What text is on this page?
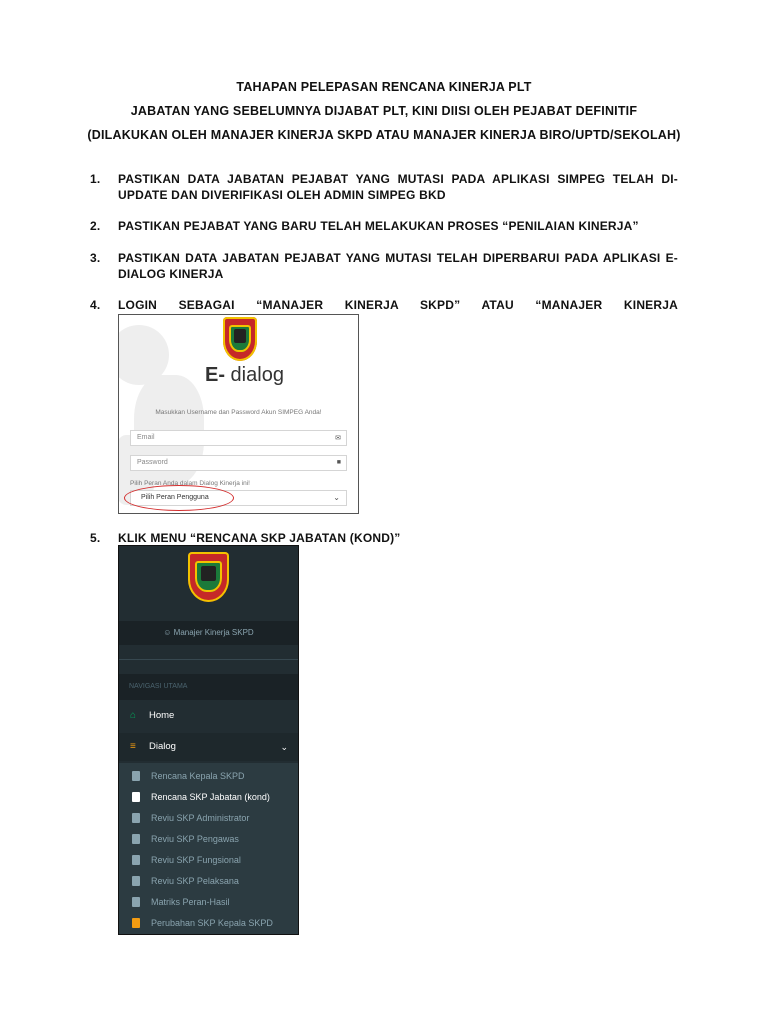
TAHAPAN PELEPASAN RENCANA KINERJA PLT
JABATAN YANG SEBELUMNYA DIJABAT PLT, KINI DIISI OLEH PEJABAT DEFINITIF
(DILAKUKAN OLEH MANAJER KINERJA SKPD ATAU MANAJER KINERJA BIRO/UPTD/SEKOLAH)
1.	PASTIKAN DATA JABATAN PEJABAT YANG MUTASI PADA APLIKASI SIMPEG TELAH DI-UPDATE DAN DIVERIFIKASI OLEH ADMIN SIMPEG BKD
2.	PASTIKAN PEJABAT YANG BARU TELAH MELAKUKAN PROSES “PENILAIAN KINERJA”
3.	PASTIKAN DATA JABATAN PEJABAT YANG MUTASI TELAH DIPERBARUI PADA APLIKASI E-DIALOG KINERJA
4.	LOGIN SEBAGAI “MANAJER KINERJA SKPD” ATAU “MANAJER KINERJA
E- dialog
Masukkan Username dan Password Akun SIMPEG Anda!
Email	✉
Password	■
Pilih Peran Anda dalam Dialog Kinerja ini!
Pilih Peran Pengguna	⌄
5.	KLIK MENU “RENCANA SKP JABATAN (KOND)”
☺ Manajer Kinerja SKPD
NAVIGASI UTAMA
⌂ Home
≡ Dialog	⌄
Rencana Kepala SKPD
Rencana SKP Jabatan (kond)
Reviu SKP Administrator
Reviu SKP Pengawas
Reviu SKP Fungsional
Reviu SKP Pelaksana
Matriks Peran-Hasil
Perubahan SKP Kepala SKPD
